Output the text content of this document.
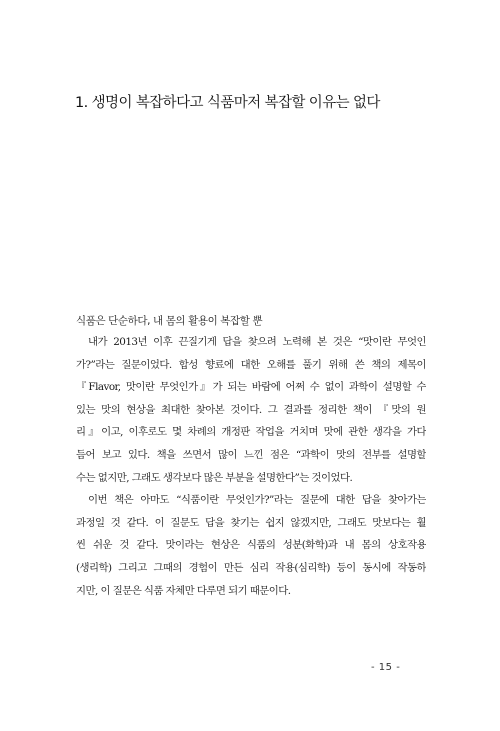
1. 생명이 복잡하다고 식품마저 복잡할 이유는 없다
식품은 단순하다, 내 몸의 활용이 복잡할 뿐
내가 2013년 이후 끈질기게 답을 찾으려 노력해 본 것은 “맛이란 무엇인
가?”라는 질문이었다. 합성 향료에 대한 오해를 풀기 위해 쓴 책의 제목이
『Flavor, 맛이란 무엇인가』가 되는 바람에 어쩌 수 없이 과학이 설명할 수
있는 맛의 현상을 최대한 찾아본 것이다. 그 결과를 정리한 책이 『맛의 원
리』이고, 이후로도 몇 차례의 개정판 작업을 거치며 맛에 관한 생각을 가다
듬어 보고 있다. 책을 쓰면서 많이 느낀 점은 “과학이 맛의 전부를 설명할
수는 없지만, 그래도 생각보다 많은 부분을 설명한다”는 것이었다.
이번 책은 아마도 “식품이란 무엇인가?”라는 질문에 대한 답을 찾아가는
과정일 것 같다. 이 질문도 답을 찾기는 쉽지 않겠지만, 그래도 맛보다는 훨
씬 쉬운 것 같다. 맛이라는 현상은 식품의 성분(화학)과 내 몸의 상호작용
(생리학) 그리고 그때의 경험이 만든 심리 작용(심리학) 등이 동시에 작동하
지만, 이 질문은 식품 자체만 다루면 되기 때문이다.
- 15 -
